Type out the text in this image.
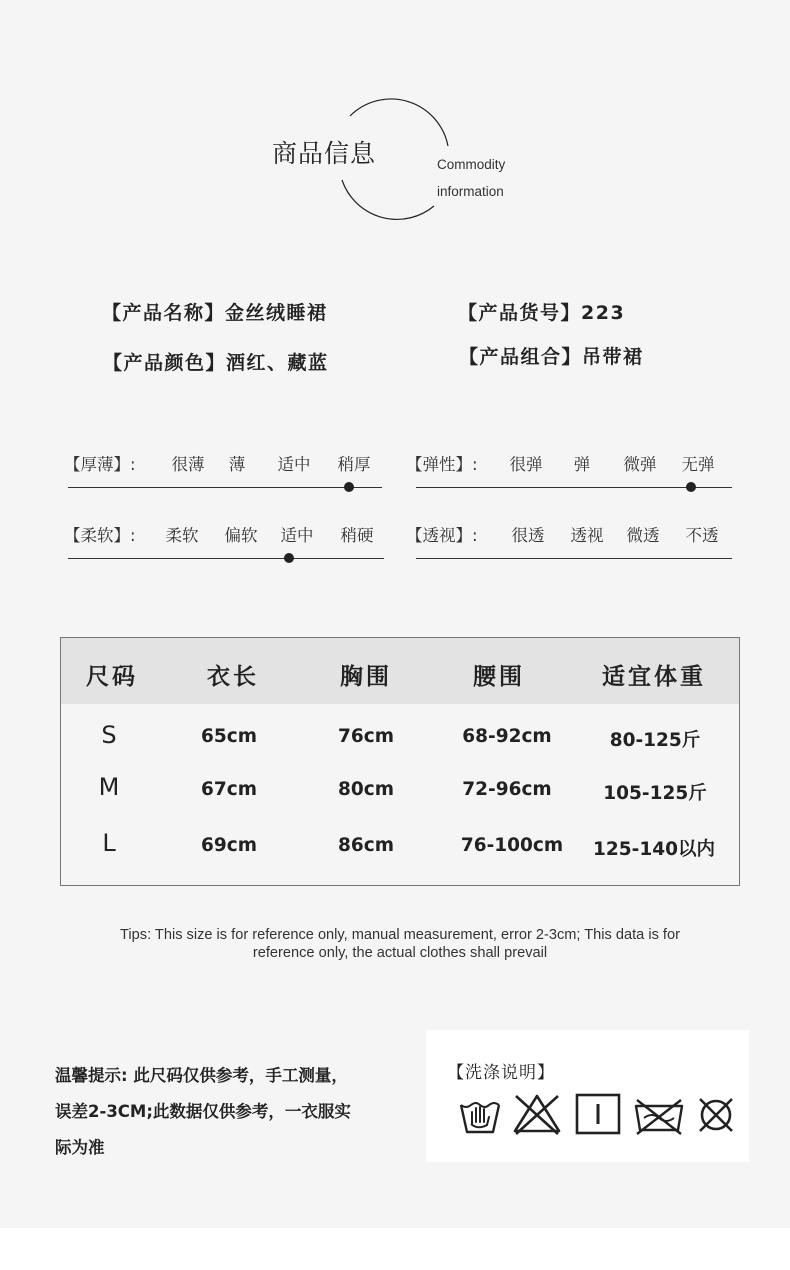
商品信息	Commodity
information
【产品名称】金丝绒睡裙	【产品货号】223
【产品颜色】酒红、藏蓝	【产品组合】吊带裙
【厚薄】: 很薄 薄 适中 稍厚 【弹性】: 很弹 弹 微弹 无弹
【柔软】: 柔软 偏软 适中 稍硬 【透视】: 很透 透视 微透 不透
尺码	衣长	胸围	腰围	适宜体重
S	65cm	76cm	68-92cm	80-125斤
M	67cm	80cm	72-96cm	105-125斤
L	69cm	86cm	76-100cm 125-140以内
Tips: This size is for reference only, manual measurement, error 2-3cm; This data is for
reference only, the actual clothes shall prevail
温馨提示: 此尺码仅供参考，手工测量，
误差2-3CM;此数据仅供参考，一衣服实
际为准
【洗涤说明】
